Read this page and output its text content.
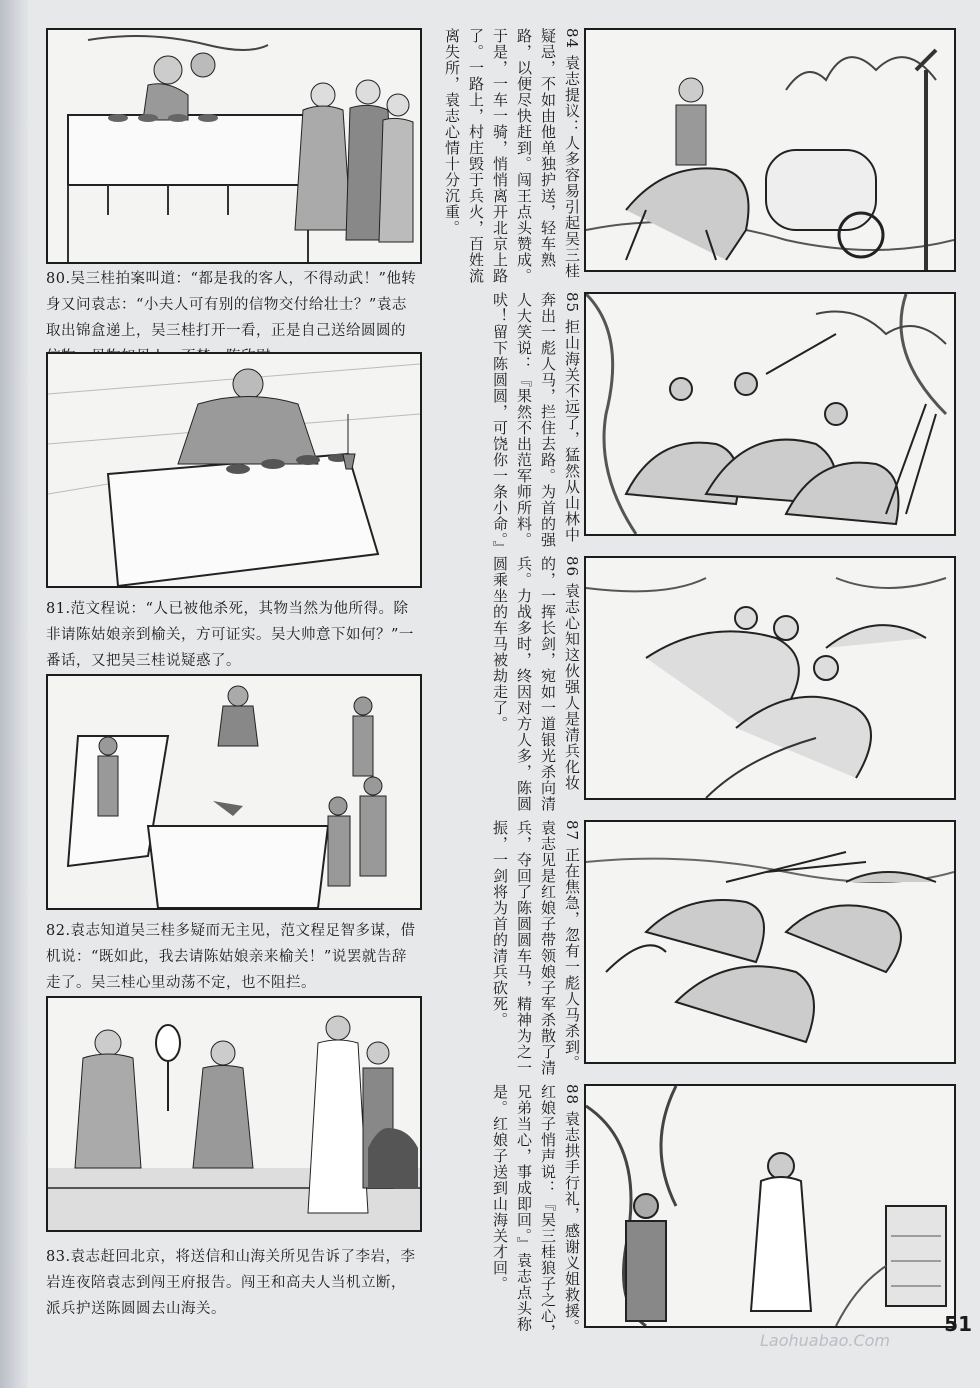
80.吴三桂拍案叫道：“都是我的客人，不得动武！”他转身又问袁志：“小夫人可有别的信物交付给壮士？”袁志取出锦盒递上，吴三桂打开一看，正是自己送给圆圆的

81.范文程说：“人已被他杀死，其物当然为他所得。除非请陈姑娘亲到榆关，方可证实。吴大帅意下如何？”一番话，又把吴三桂说疑惑了。

82.袁志知道吴三桂多疑而无主见，范文程足智多谋，借机说：“既如此，我去请陈姑娘亲来榆关！”说罢就告辞走了。吴三桂心里动荡不定，也不阻拦。

83.袁志赶回北京，将送信和山海关所见告诉了李岩，李岩连夜陪袁志到闯王府报告。闯王和高夫人当机立断，派兵护送陈圆圆去山海关。

84 袁志提议：人多容易引起吴三桂疑忌，不如由他单独护送，轻车熟路，以便尽快赶到。闯王点头赞成。于是，一车一骑，悄悄离开北京上路了。一路上，村庄毁于兵火，百姓流离失所，袁志心情十分沉重。

85 拒山海关不远了，猛然从山林中奔出一彪人马，拦住去路。为首的强人大笑说：『果然不出范军师所料。吠！留下陈圆圆，可饶你一条小命。』

86 袁志心知这伙强人是清兵化妆的，一挥长剑，宛如一道银光杀向清兵。力战多时，终因对方人多，陈圆圆乘坐的车马被劫走了。

87 正在焦急，忽有一彪人马杀到。袁志见是红娘子带领娘子军杀散了清兵，夺回了陈圆圆车马，精神为之一振，一剑将为首的清兵砍死。

88 袁志拱手行礼，感谢义姐救援。红娘子悄声说：『吴三桂狼子之心，兄弟当心，事成即回。』袁志点头称是。红娘子送到山海关才回。

51
Laohuabao.Com
